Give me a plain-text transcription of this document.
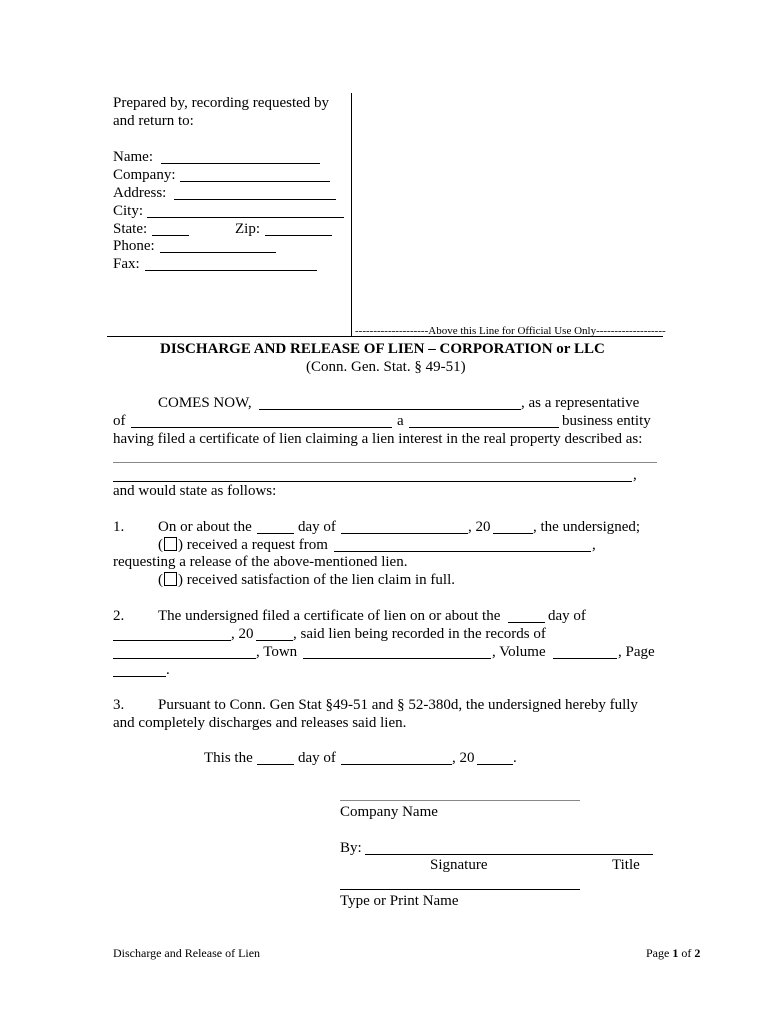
Prepared by, recording requested by
and return to:
Name:
Company:
Address:
City:
State:	Zip:
Phone:
Fax:
--------------------Above this Line for Official Use Only-------------------
DISCHARGE AND RELEASE OF LIEN – CORPORATION or LLC
(Conn. Gen. Stat. § 49-51)
COMES NOW,	, as a representative
of	a	business entity
having filed a certificate of lien claiming a lien interest in the real property described as:
,
and would state as follows:
1. On or about the	day of	, 20	, the undersigned;
( ) received a request from	,
requesting a release of the above-mentioned lien.
( ) received satisfaction of the lien claim in full.
2. The undersigned filed a certificate of lien on or about the	day of
, 20	, said lien being recorded in the records of
, Town	, Volume	, Page
.
3. Pursuant to Conn. Gen Stat §49-51 and § 52-380d, the undersigned hereby fully
and completely discharges and releases said lien.
This the	day of	, 20	.
Company Name
By:
Signature	Title
Type or Print Name
Discharge and Release of Lien	Page 1 of 2
